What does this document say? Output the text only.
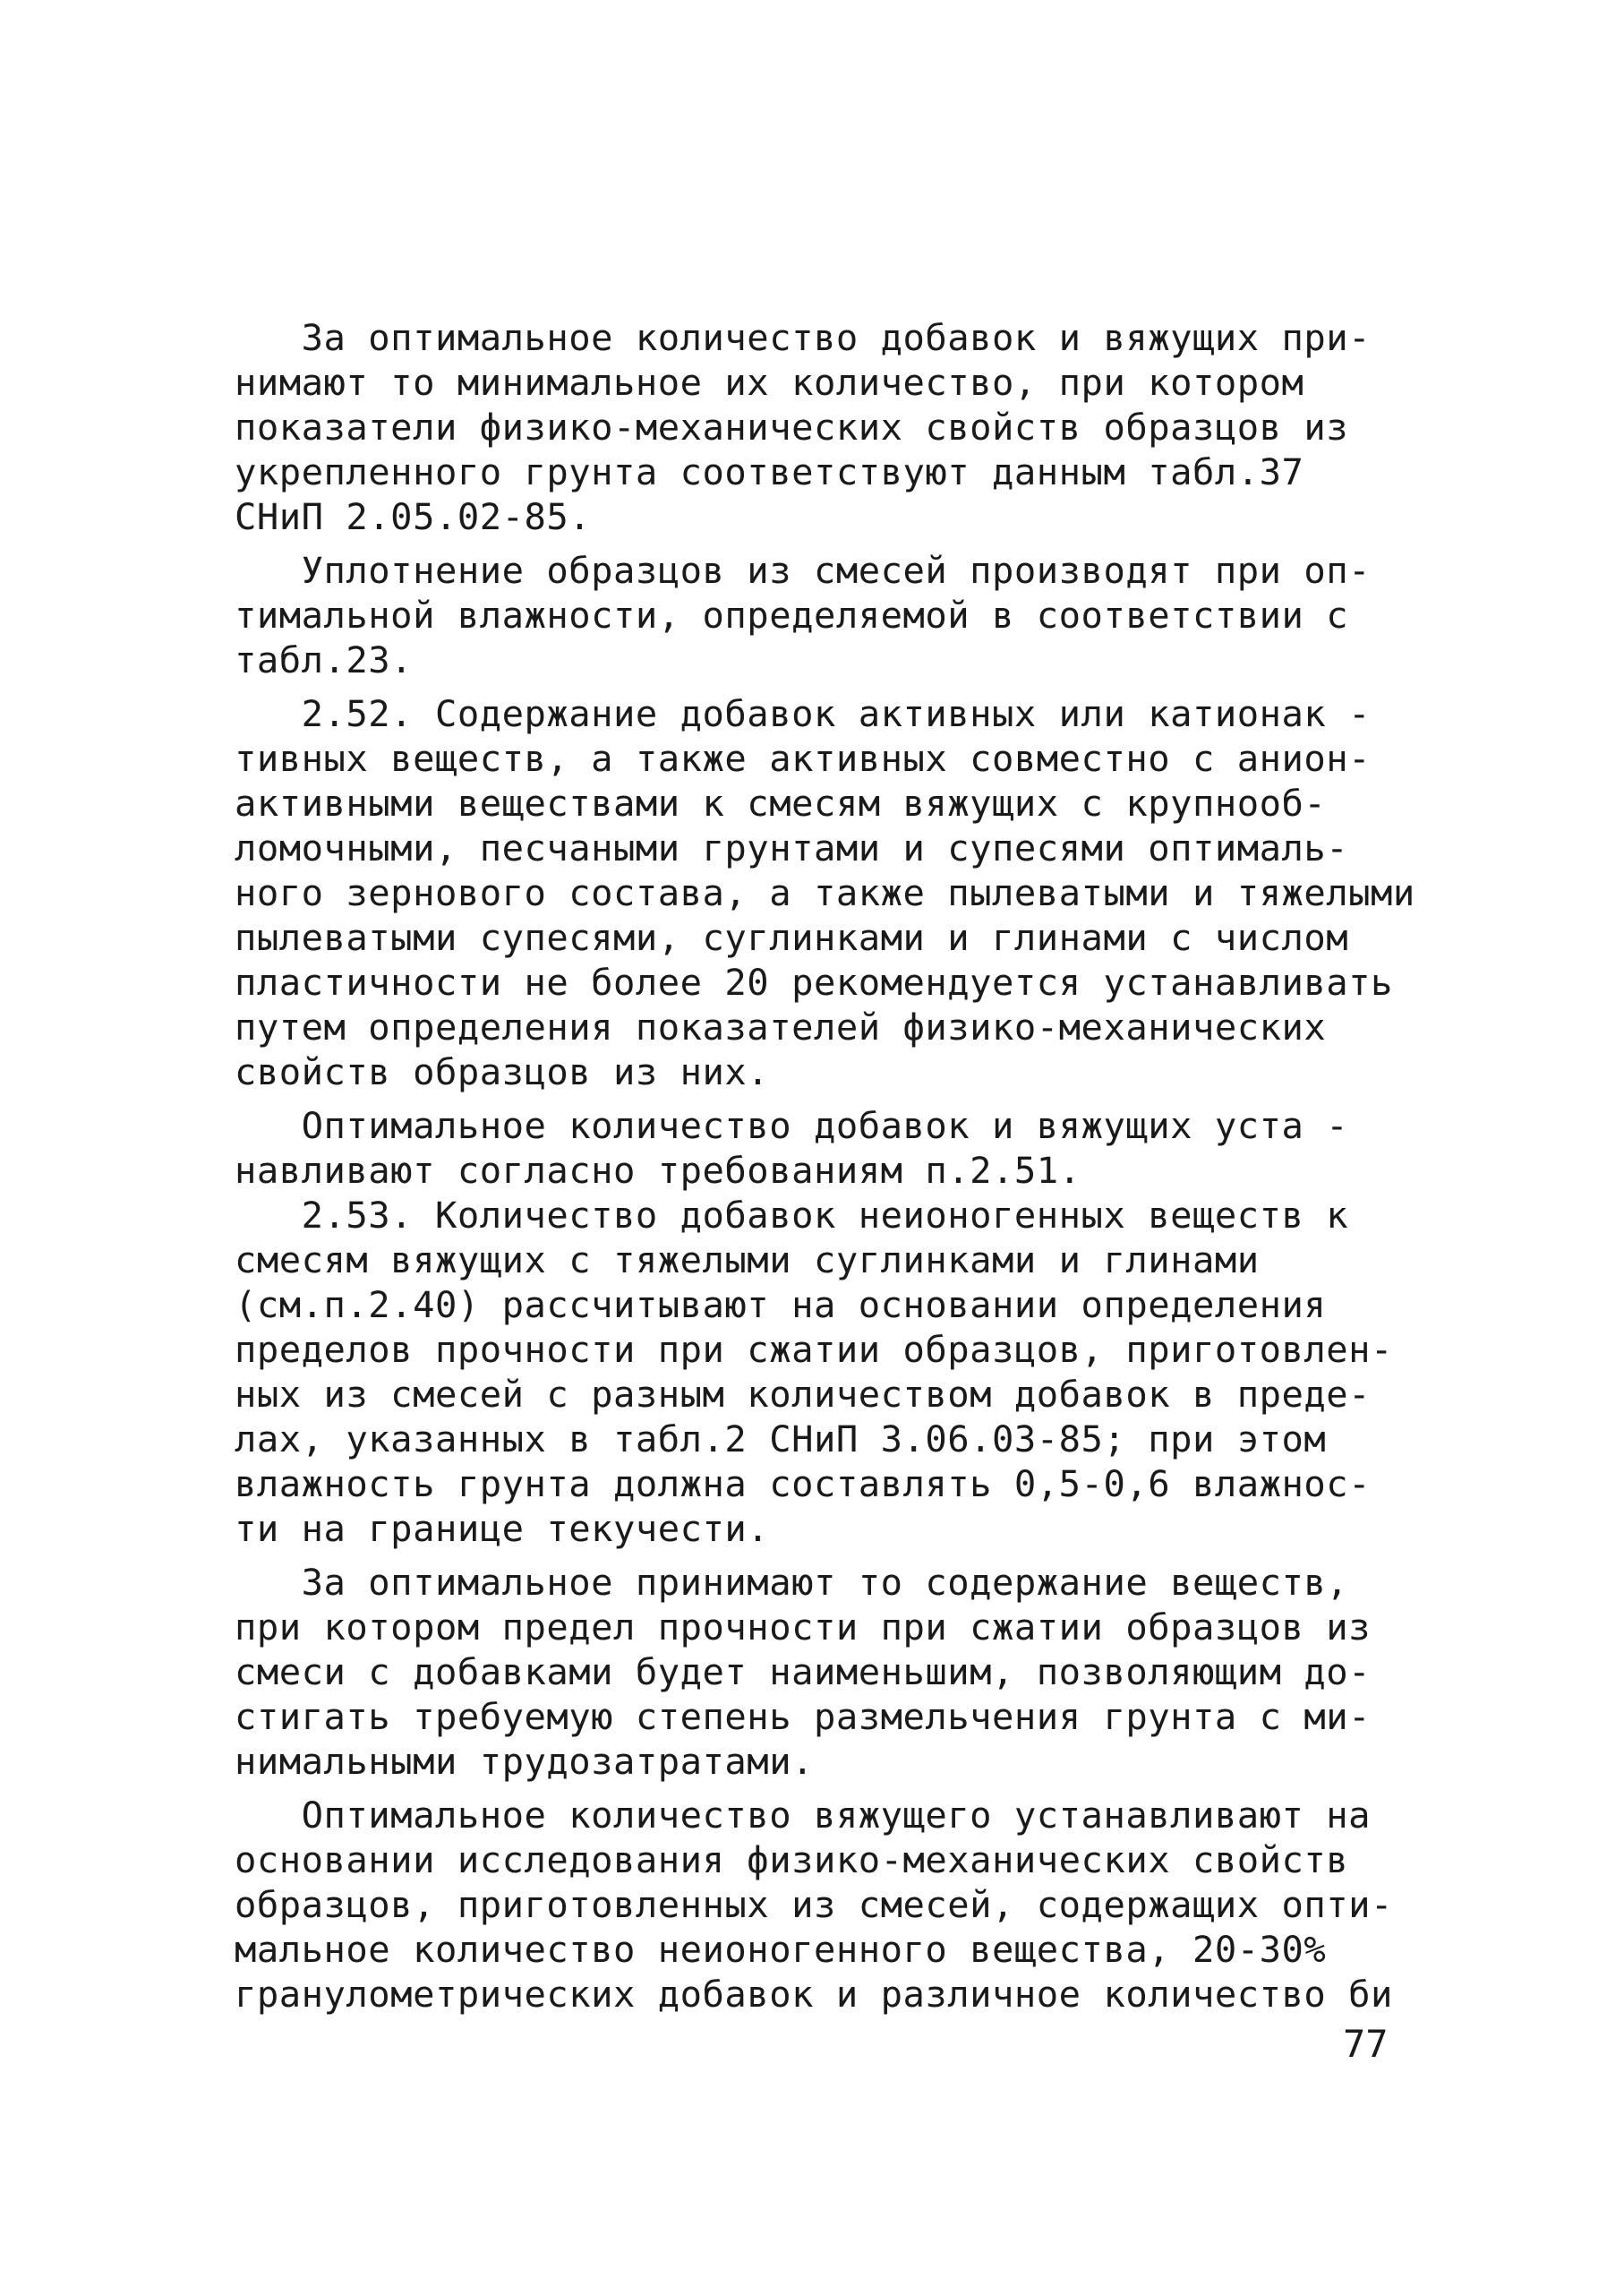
За оптимальное количество добавок и вяжущих при-
нимают то минимальное их количество, при котором
показатели физико-механических свойств образцов из
укрепленного грунта соответствуют данным табл.37
СНиП 2.05.02-85.
Уплотнение образцов из смесей производят при оп-
тимальной влажности, определяемой в соответствии с
табл.23.
2.52. Содержание добавок активных или катионак -
тивных веществ, а также активных совместно с анион-
активными веществами к смесям вяжущих с крупнооб-
ломочными, песчаными грунтами и супесями оптималь-
ного зернового состава, а также пылеватыми и тяжелыми
пылеватыми супесями, суглинками и глинами с числом
пластичности не более 20 рекомендуется устанавливать
путем определения показателей физико-механических
свойств образцов из них.
Оптимальное количество добавок и вяжущих уста -
навливают согласно требованиям п.2.51.
2.53. Количество добавок неионогенных веществ к
смесям вяжущих с тяжелыми суглинками и глинами
(см.п.2.40) рассчитывают на основании определения
пределов прочности при сжатии образцов, приготовлен-
ных из смесей с разным количеством добавок в преде-
лах, указанных в табл.2 СНиП 3.06.03-85; при этом
влажность грунта должна составлять 0,5-0,6 влажнос-
ти на границе текучести.
За оптимальное принимают то содержание веществ,
при котором предел прочности при сжатии образцов из
смеси с добавками будет наименьшим, позволяющим до-
стигать требуемую степень размельчения грунта с ми-
нимальными трудозатратами.
Оптимальное количество вяжущего устанавливают на
основании исследования физико-механических свойств
образцов, приготовленных из смесей, содержащих опти-
мальное количество неионогенного вещества, 20-30%
гранулометрических добавок и различное количество би
77
